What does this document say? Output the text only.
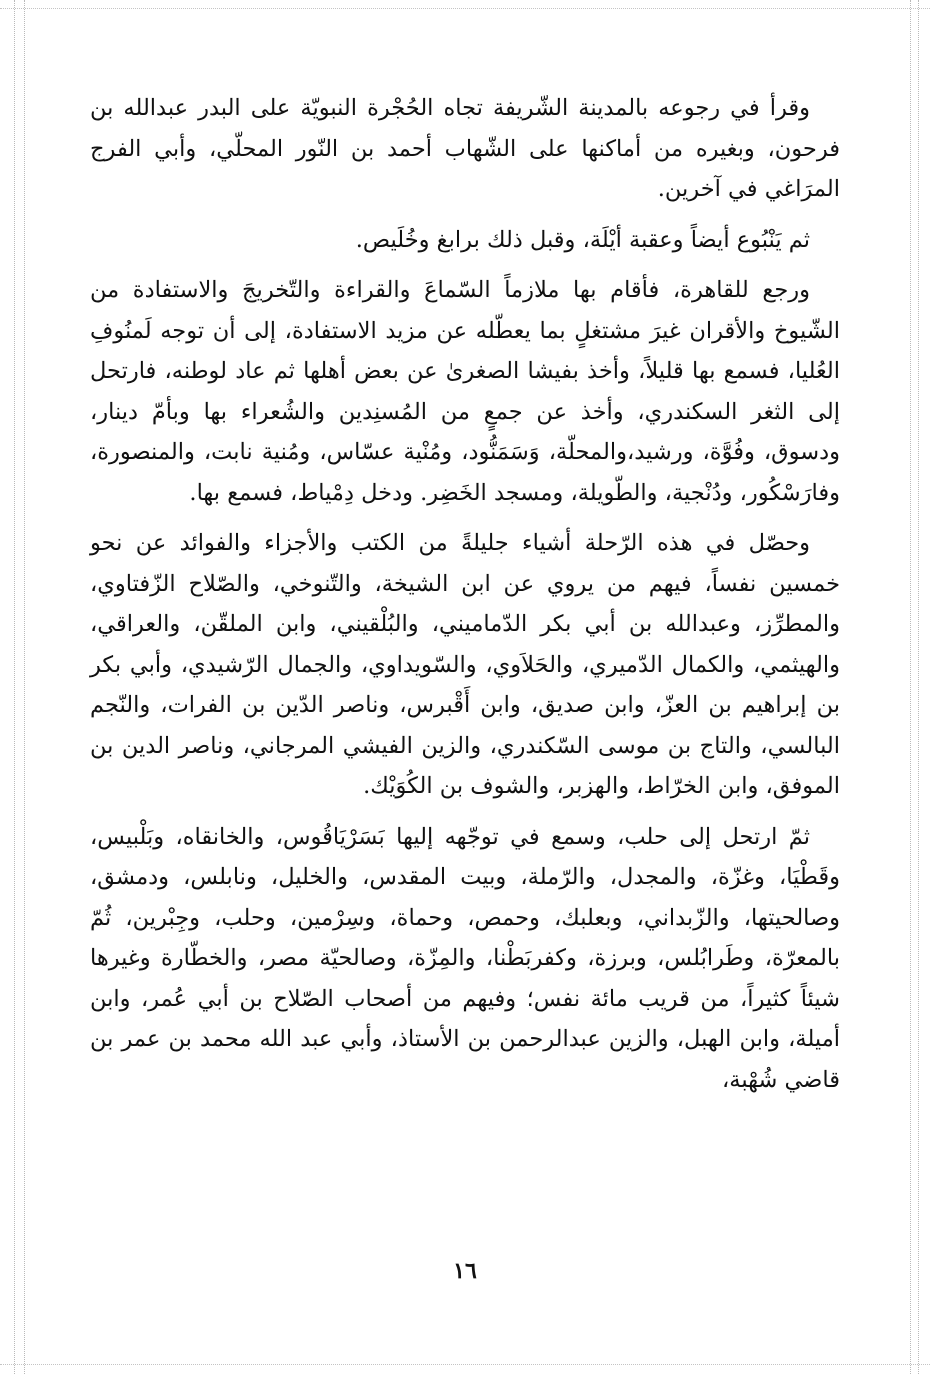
وقرأ في رجوعه بالمدينة الشّريفة تجاه الحُجْرة النبويّة على البدر عبدالله بن فرحون، وبغيره من أماكنها على الشّهاب أحمد بن النّور المحلّي، وأبي الفرج المرَاغي في آخرين.

ثم يَنْبُوع أيضاً وعقبة أيْلَة، وقبل ذلك برابغ وخُلَيص.

ورجع للقاهرة، فأقام بها ملازماً السّماعَ والقراءة والتّخريجَ والاستفادة من الشّيوخ والأقران غيرَ مشتغلٍ بما يعطّله عن مزيد الاستفادة، إلى أن توجه لَمنُوفِ العُليا، فسمع بها قليلاً، وأخذ بفيشا الصغرىٰ عن بعض أهلها ثم عاد لوطنه، فارتحل إلى الثغر السكندري، وأخذ عن جمعٍ من المُسنِدين والشُعراء بها وبأمّ دينار، ودسوق، وفُوَّة، ورشيد،والمحلّة، وَسَمَنُّود، ومُنْية عسّاس، ومُنية نابت، والمنصورة، وفارَسْكُور، ودُنْجية، والطّويلة، ومسجد الخَضِر. ودخل دِمْياط، فسمع بها.

وحصّل في هذه الرّحلة أشياء جليلةً من الكتب والأجزاء والفوائد عن نحو خمسين نفساً، فيهم من يروي عن ابن الشيخة، والتّنوخي، والصّلاح الزّفتاوي، والمطرِّز، وعبدالله بن أبي بكر الدّماميني، والبُلْقيني، وابن الملقّن، والعراقي، والهيثمي، والكمال الدّميري، والحَلاَوي، والسّويداوي، والجمال الرّشيدي، وأبي بكر بن إبراهيم بن العزّ، وابن صديق، وابن أَقْبرس، وناصر الدّين بن الفرات، والنّجم البالسي، والتاج بن موسى السّكندري، والزين الفيشي المرجاني، وناصر الدين بن الموفق، وابن الخرّاط، والهزبر، والشوف بن الكُوَيْك.

ثمّ ارتحل إلى حلب، وسمع في توجّهه إليها بَسَرْيَاقُوس، والخانقاه، وبَلْبيس، وقَطْيَا، وغزّة، والمجدل، والرّملة، وبيت المقدس، والخليل، ونابلس، ودمشق، وصالحيتها، والزّبداني، وبعلبك، وحمص، وحماة، وسِرْمين، وحلب، وجِبْرين، ثُمّ بالمعرّة، وطَرابُلس، وبرزة، وكفربَطْنا، والمِزّة، وصالحيّة مصر، والخطّارة وغيرها شيئاً كثيراً، من قريب مائة نفس؛ وفيهم من أصحاب الصّلاح بن أبي عُمر، وابن أميلة، وابن الهبل، والزين عبدالرحمن بن الأستاذ، وأبي عبد الله محمد بن عمر بن قاضي شُهْبة،

١٦
